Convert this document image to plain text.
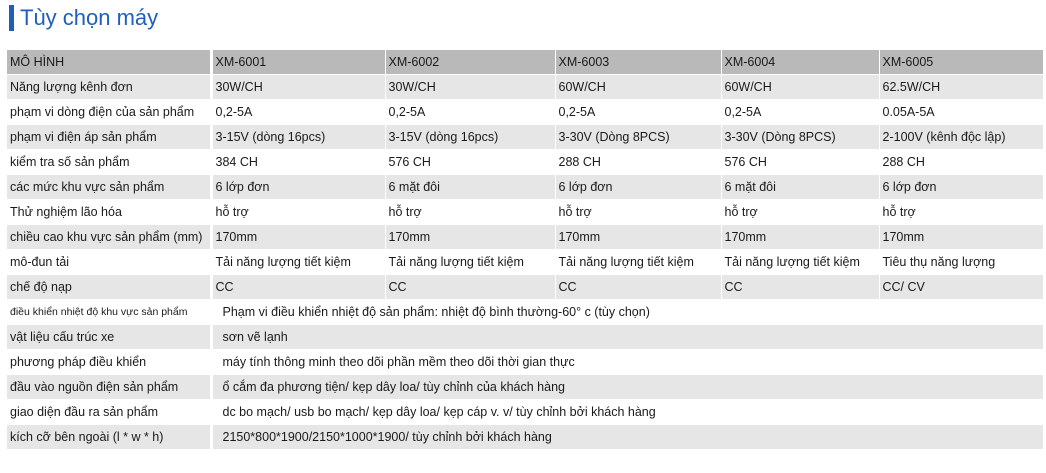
Tùy chọn máy
MÔ HÌNH	XM-6001	XM-6002	XM-6003	XM-6004	XM-6005
Năng lượng kênh đơn	30W/CH	30W/CH	60W/CH	60W/CH	62.5W/CH
phạm vi dòng điện của sản phẩm	0,2-5A	0,2-5A	0,2-5A	0,2-5A	0.05A-5A
phạm vi điện áp sản phẩm	3-15V (dòng 16pcs)	3-15V (dòng 16pcs)	3-30V (Dòng 8PCS)	3-30V (Dòng 8PCS)	2-100V (kênh độc lập)
kiểm tra số sản phẩm	384 CH	576 CH	288 CH	576 CH	288 CH
các mức khu vực sản phẩm	6 lớp đơn	6 mặt đôi	6 lớp đơn	6 mặt đôi	6 lớp đơn
Thử nghiệm lão hóa	hỗ trợ	hỗ trợ	hỗ trợ	hỗ trợ	hỗ trợ
chiều cao khu vực sản phẩm (mm)	170mm	170mm	170mm	170mm	170mm
mô-đun tải	Tải năng lượng tiết kiệm	Tải năng lượng tiết kiệm	Tải năng lượng tiết kiệm	Tải năng lượng tiết kiệm	Tiêu thụ năng lượng
chế độ nạp	CC	CC	CC	CC	CC/ CV
điều khiển nhiệt độ khu vực sản phẩm	Phạm vi điều khiển nhiệt độ sản phẩm: nhiệt độ bình thường-60° c (tùy chọn)				
vật liệu cấu trúc xe	sơn vẽ lạnh				
phương pháp điều khiển	máy tính thông minh theo dõi phần mềm theo dõi thời gian thực				
đầu vào nguồn điện sản phẩm	ổ cắm đa phương tiện/ kẹp dây loa/ tùy chỉnh của khách hàng				
giao diện đầu ra sản phẩm	dc bo mạch/ usb bo mạch/ kẹp dây loa/ kẹp cáp v. v/ tùy chỉnh bởi khách hàng				
kích cỡ bên ngoài (l * w * h)	2150*800*1900/2150*1000*1900/ tùy chỉnh bởi khách hàng				
